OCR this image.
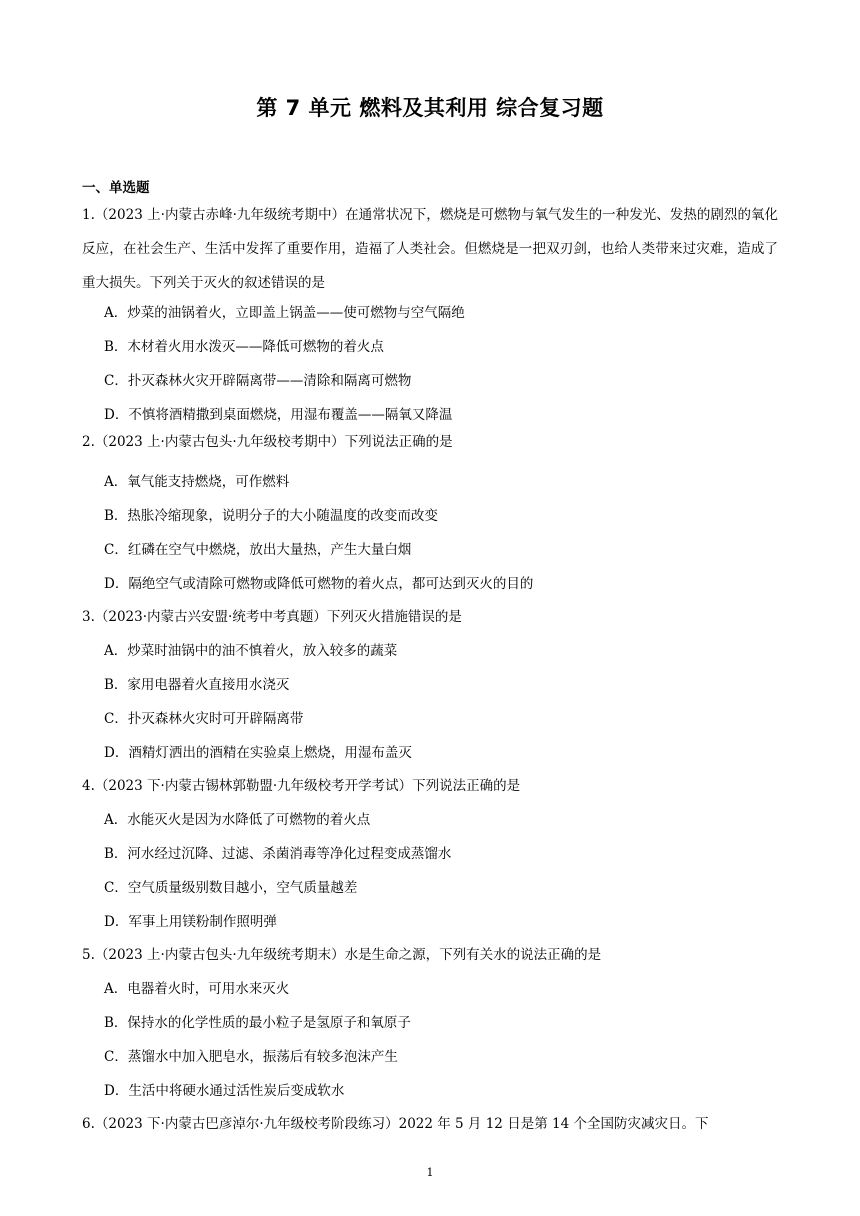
第 7 单元 燃料及其利用 综合复习题
一、单选题
1.（2023 上·内蒙古赤峰·九年级统考期中）在通常状况下，燃烧是可燃物与氧气发生的一种发光、发热的剧烈的氧化反应，在社会生产、生活中发挥了重要作用，造福了人类社会。但燃烧是一把双刃剑，也给人类带来过灾难，造成了重大损失。下列关于灭火的叙述错误的是
A．炒菜的油锅着火，立即盖上锅盖——使可燃物与空气隔绝
B．木材着火用水泼灭——降低可燃物的着火点
C．扑灭森林火灾开辟隔离带——清除和隔离可燃物
D．不慎将酒精撒到桌面燃烧，用湿布覆盖——隔氧又降温
2.（2023 上·内蒙古包头·九年级校考期中）下列说法正确的是
A．氧气能支持燃烧，可作燃料
B．热胀冷缩现象，说明分子的大小随温度的改变而改变
C．红磷在空气中燃烧，放出大量热，产生大量白烟
D．隔绝空气或清除可燃物或降低可燃物的着火点，都可达到灭火的目的
3.（2023·内蒙古兴安盟·统考中考真题）下列灭火措施错误的是
A．炒菜时油锅中的油不慎着火，放入较多的蔬菜
B．家用电器着火直接用水浇灭
C．扑灭森林火灾时可开辟隔离带
D．酒精灯洒出的酒精在实验桌上燃烧，用湿布盖灭
4.（2023 下·内蒙古锡林郭勒盟·九年级校考开学考试）下列说法正确的是
A．水能灭火是因为水降低了可燃物的着火点
B．河水经过沉降、过滤、杀菌消毒等净化过程变成蒸馏水
C．空气质量级别数目越小，空气质量越差
D．军事上用镁粉制作照明弹
5.（2023 上·内蒙古包头·九年级统考期末）水是生命之源，下列有关水的说法正确的是
A．电器着火时，可用水来灭火
B．保持水的化学性质的最小粒子是氢原子和氧原子
C．蒸馏水中加入肥皂水，振荡后有较多泡沫产生
D．生活中将硬水通过活性炭后变成软水
6.（2023 下·内蒙古巴彦淖尔·九年级校考阶段练习）2022 年 5 月 12 日是第 14 个全国防灾减灾日。下
1
